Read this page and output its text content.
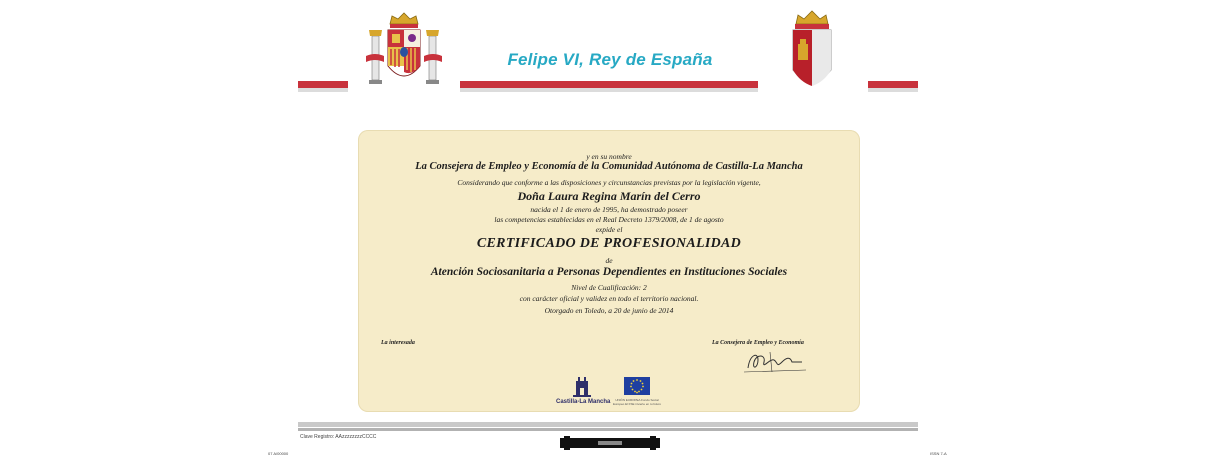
Felipe VI, Rey de España
y en su nombre
La Consejera de Empleo y Economía de la Comunidad Autónoma de Castilla-La Mancha
Considerando que conforme a las disposiciones y circunstancias previstas por la legislación vigente,
Doña Laura Regina Marín del Cerro
nacida el 1 de enero de 1995, ha demostrado poseer
las competencias establecidas en el Real Decreto 1379/2008, de 1 de agosto
expide el
CERTIFICADO DE PROFESIONALIDAD
de
Atención Sociosanitaria a Personas Dependientes en Instituciones Sociales
Nivel de Cualificación: 2
con carácter oficial y validez en todo el territorio nacional.
Otorgado en Toledo, a 20 de junio de 2014
La interesada	La Consejera de Empleo y Economía
Castilla-La Mancha	UNIÓN EUROPEA Fondo Social Europeo El FSE invierte en tu futuro
Clave Registro: AAzzzzzzzzCCCC
07 A/00000	ISSN 7-A
